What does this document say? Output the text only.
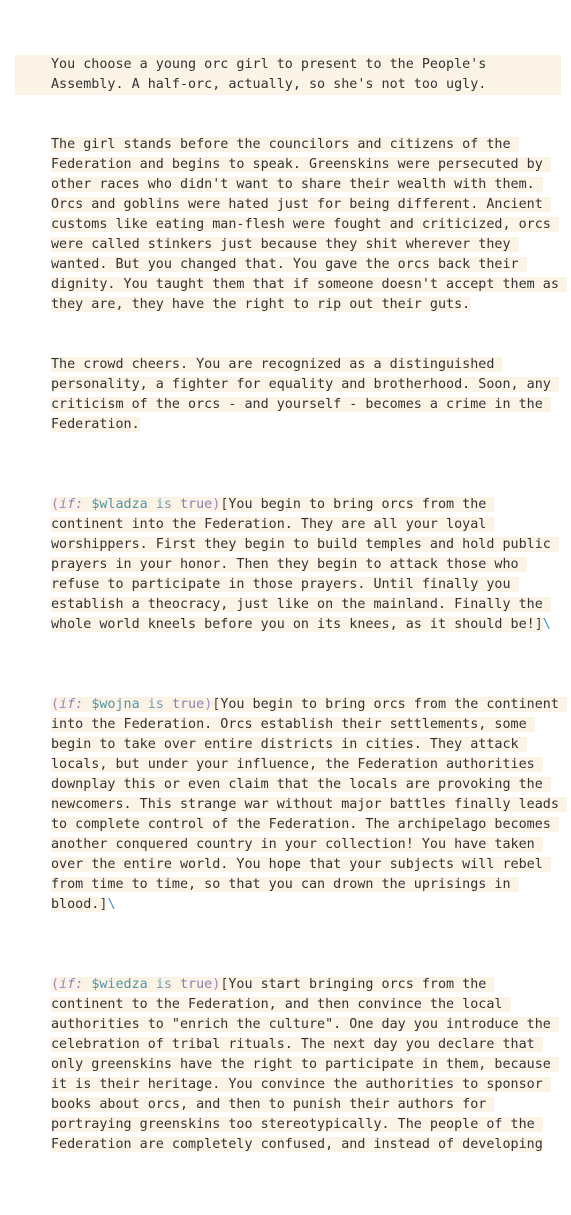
You choose a young orc girl to present to the People's Assembly. A half-orc, actually, so she's not too ugly.

The girl stands before the councilors and citizens of the Federation and begins to speak. Greenskins were persecuted by other races who didn't want to share their wealth with them. Orcs and goblins were hated just for being different. Ancient customs like eating man-flesh were fought and criticized, orcs were called stinkers just because they shit wherever they wanted. But you changed that. You gave the orcs back their dignity. You taught them that if someone doesn't accept them as they are, they have the right to rip out their guts.

The crowd cheers. You are recognized as a distinguished personality, a fighter for equality and brotherhood. Soon, any criticism of the orcs - and yourself - becomes a crime in the Federation.

(if: $wladza is true)[You begin to bring orcs from the continent into the Federation. They are all your loyal worshippers. First they begin to build temples and hold public prayers in your honor. Then they begin to attack those who refuse to participate in those prayers. Until finally you establish a theocracy, just like on the mainland. Finally the whole world kneels before you on its knees, as it should be!]\

(if: $wojna is true)[You begin to bring orcs from the continent into the Federation. Orcs establish their settlements, some begin to take over entire districts in cities. They attack locals, but under your influence, the Federation authorities downplay this or even claim that the locals are provoking the newcomers. This strange war without major battles finally leads to complete control of the Federation. The archipelago becomes another conquered country in your collection! You have taken over the entire world. You hope that your subjects will rebel from time to time, so that you can drown the uprisings in blood.]\

(if: $wiedza is true)[You start bringing orcs from the continent to the Federation, and then convince the local authorities to "enrich the culture". One day you introduce the celebration of tribal rituals. The next day you declare that only greenskins have the right to participate in them, because it is their heritage. You convince the authorities to sponsor books about orcs, and then to punish their authors for portraying greenskins too stereotypically. The people of the Federation are completely confused, and instead of developing
